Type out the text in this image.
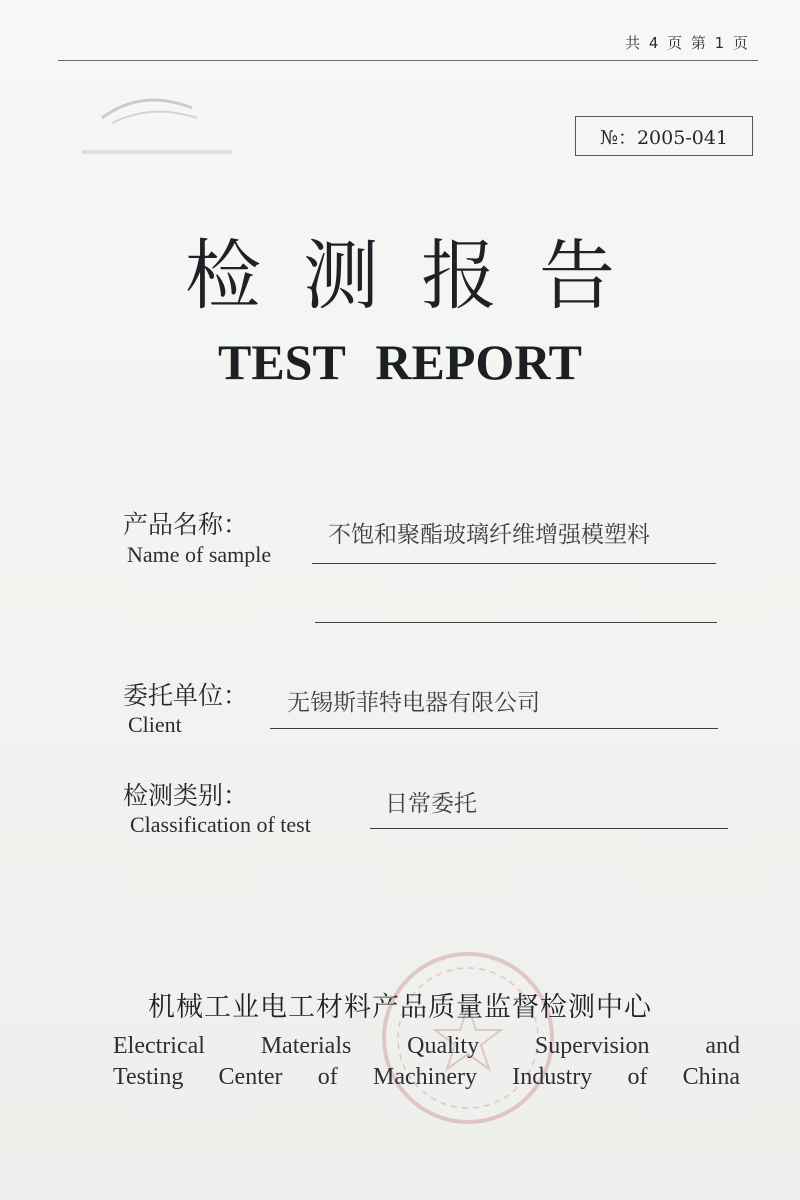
共 4 页 第 1 页
№：2005-041
检测报告
TEST REPORT
产品名称：
Name of sample
不饱和聚酯玻璃纤维增强模塑料
委托单位：
Client
无锡斯菲特电器有限公司
检测类别：
Classification of test
日常委托
机械工业电工材料产品质量监督检测中心
Electrical Materials Quality Supervision and
Testing Center of Machinery Industry of China
